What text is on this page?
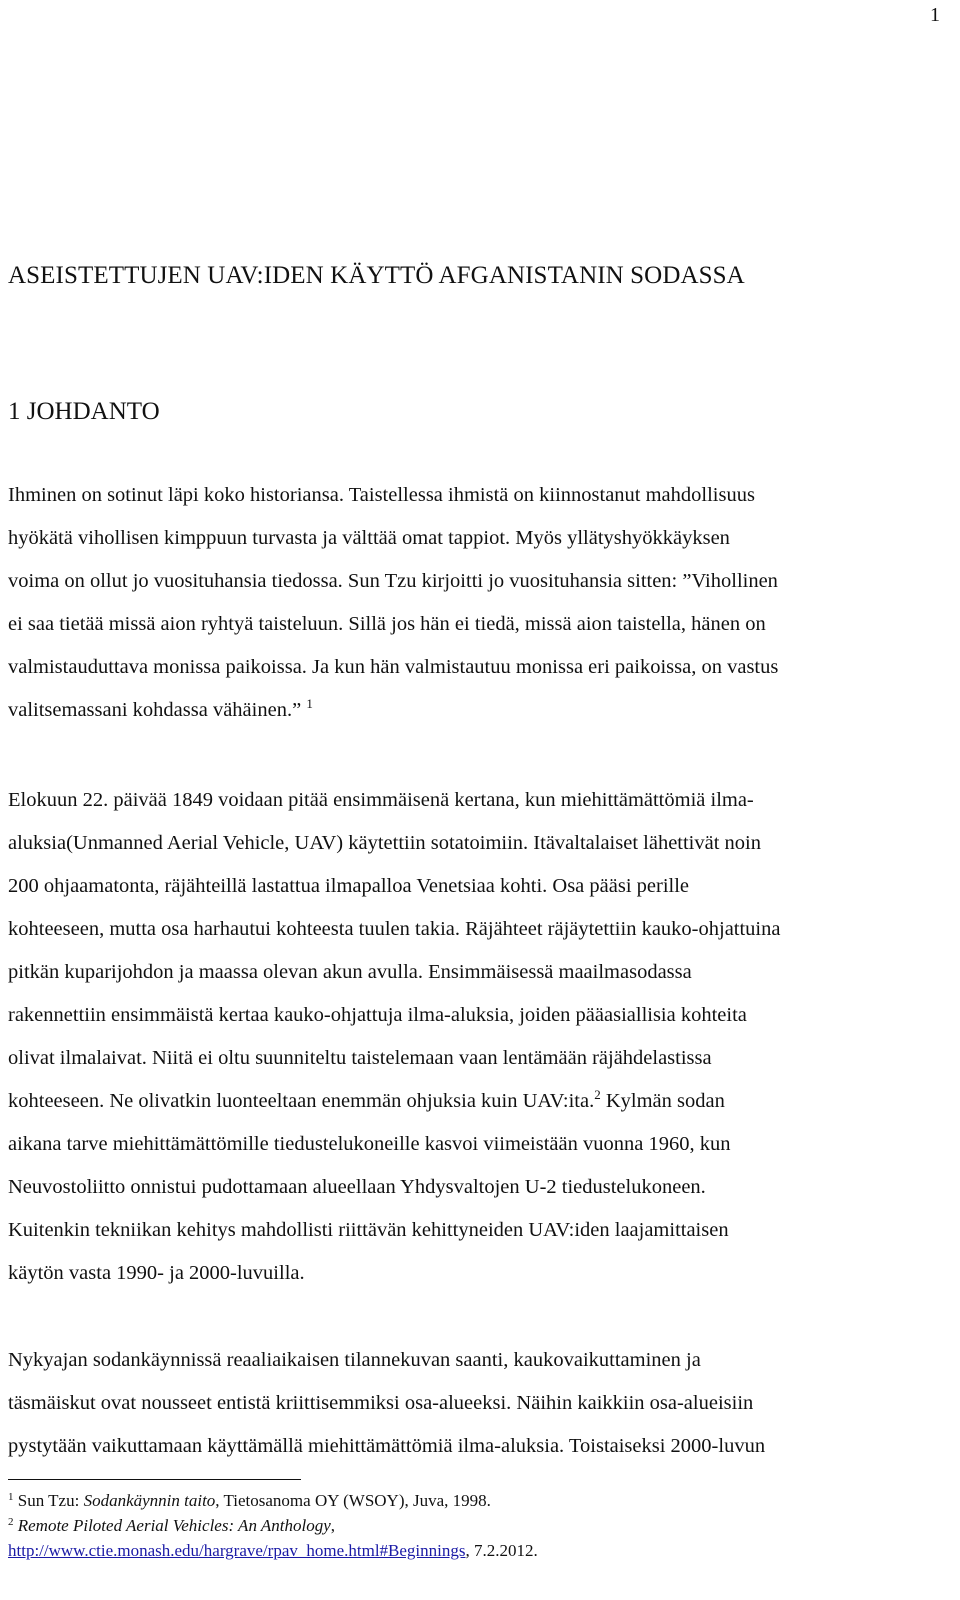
1
ASEISTETTUJEN UAV:IDEN KÄYTTÖ AFGANISTANIN SODASSA
1 JOHDANTO
Ihminen on sotinut läpi koko historiansa. Taistellessa ihmistä on kiinnostanut mahdollisuus
hyökätä vihollisen kimppuun turvasta ja välttää omat tappiot. Myös yllätyshyökkäyksen
voima on ollut jo vuosituhansia tiedossa. Sun Tzu kirjoitti jo vuosituhansia sitten: ”Vihollinen
ei saa tietää missä aion ryhtyä taisteluun. Sillä jos hän ei tiedä, missä aion taistella, hänen on
valmistauduttava monissa paikoissa. Ja kun hän valmistautuu monissa eri paikoissa, on vastus
valitsemassani kohdassa vähäinen.” $^1$
Elokuun 22. päivää 1849 voidaan pitää ensimmäisenä kertana, kun miehittämättömiä ilma-
aluksia(Unmanned Aerial Vehicle, UAV) käytettiin sotatoimiin. Itävaltalaiset lähettivät noin
200 ohjaamatonta, räjähteillä lastattua ilmapalloa Venetsiaa kohti. Osa pääsi perille
kohteeseen, mutta osa harhautui kohteesta tuulen takia. Räjähteet räjäytettiin kauko-ohjattuina
pitkän kuparijohdon ja maassa olevan akun avulla. Ensimmäisessä maailmasodassa
rakennettiin ensimmäistä kertaa kauko-ohjattuja ilma-aluksia, joiden pääasiallisia kohteita
olivat ilmalaivat. Niitä ei oltu suunniteltu taistelemaan vaan lentämään räjähdelastissa
kohteeseen. Ne olivatkin luonteeltaan enemmän ohjuksia kuin UAV:ita.$^2$ Kylmän sodan
aikana tarve miehittämättömille tiedustelukoneille kasvoi viimeistään vuonna 1960, kun
Neuvostoliitto onnistui pudottamaan alueellaan Yhdysvaltojen U-2 tiedustelukoneen.
Kuitenkin tekniikan kehitys mahdollisti riittävän kehittyneiden UAV:iden laajamittaisen
käytön vasta 1990- ja 2000-luvuilla.
Nykyajan sodankäynnissä reaaliaikaisen tilannekuvan saanti, kaukovaikuttaminen ja
täsmäiskut ovat nousseet entistä kriittisemmiksi osa-alueeksi. Näihin kaikkiin osa-alueisiin
pystytään vaikuttamaan käyttämällä miehittämättömiä ilma-aluksia. Toistaiseksi 2000-luvun
$^1$ Sun Tzu: Sodankäynnin taito, Tietosanoma OY (WSOY), Juva, 1998.
$^2$ Remote Piloted Aerial Vehicles: An Anthology,
http://www.ctie.monash.edu/hargrave/rpav_home.html#Beginnings, 7.2.2012.
